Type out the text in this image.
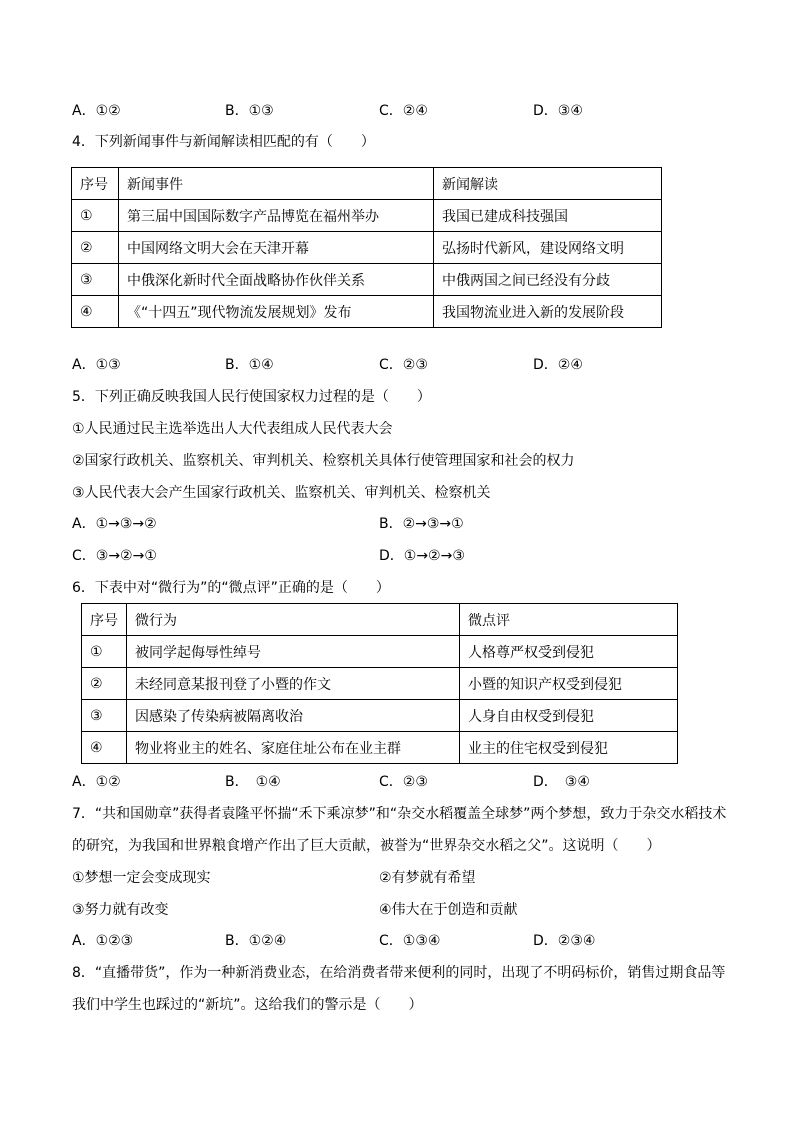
A．①②	B．①③	C．②④	D．③④
4．下列新闻事件与新闻解读相匹配的有（　　）
序号	新闻事件	新闻解读
①	第三届中国国际数字产品博览在福州举办	我国已建成科技强国
②	中国网络文明大会在天津开幕	弘扬时代新风，建设网络文明
③	中俄深化新时代全面战略协作伙伴关系	中俄两国之间已经没有分歧
④	《“十四五”现代物流发展规划》发布	我国物流业进入新的发展阶段
A．①③	B．①④	C．②③	D．②④
5．下列正确反映我国人民行使国家权力过程的是（　　）
①人民通过民主选举选出人大代表组成人民代表大会
②国家行政机关、监察机关、审判机关、检察机关具体行使管理国家和社会的权力
③人民代表大会产生国家行政机关、监察机关、审判机关、检察机关
A．①→③→②	B．②→③→①
C．③→②→①	D．①→②→③
6．下表中对“微行为”的“微点评”正确的是（　　）
序号	微行为	微点评
①	被同学起侮辱性绰号	人格尊严权受到侵犯
②	未经同意某报刊登了小暨的作文	小暨的知识产权受到侵犯
③	因感染了传染病被隔离收治	人身自由权受到侵犯
④	物业将业主的姓名、家庭住址公布在业主群	业主的住宅权受到侵犯
A．①②	B．　①④	C．②③	D．　③④
7．“共和国勋章”获得者袁隆平怀揣“禾下乘凉梦”和“杂交水稻覆盖全球梦”两个梦想，致力于杂交水稻技术
的研究，为我国和世界粮食增产作出了巨大贡献，被誉为“世界杂交水稻之父”。这说明（　　）
①梦想一定会变成现实	②有梦就有希望
③努力就有改变	④伟大在于创造和贡献
A．①②③	B．①②④	C．①③④	D．②③④
8．“直播带货”，作为一种新消费业态，在给消费者带来便利的同时，出现了不明码标价，销售过期食品等
我们中学生也踩过的“新坑”。这给我们的警示是（　　）
